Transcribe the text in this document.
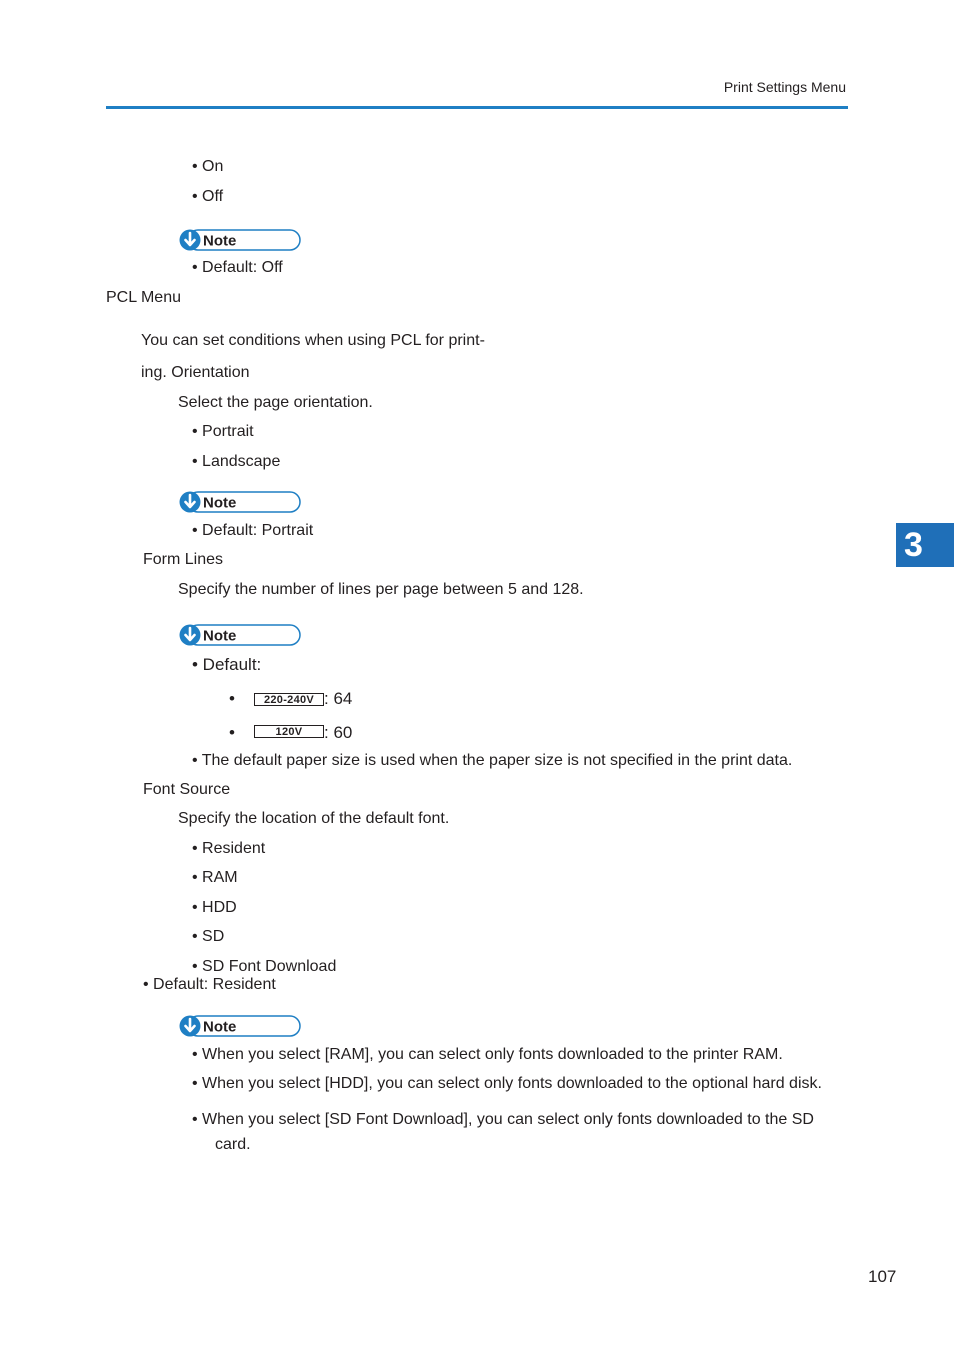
Print Settings Menu
3
• On
• Off
Note
• Default: Off
PCL Menu
You can set conditions when using PCL for print-
ing. Orientation
Select the page orientation.
• Portrait
• Landscape
Note
• Default: Portrait
Form Lines
Specify the number of lines per page between 5 and 128.
Note
• Default:
•	220-240V : 64
•	120V	: 60
• The default paper size is used when the paper size is not specified in the print data.
Font Source
Specify the location of the default font.
• Resident
• RAM
• HDD
• SD
• SD Font Download
• Default: Resident
Note
• When you select [RAM], you can select only fonts downloaded to the printer RAM.
• When you select [HDD], you can select only fonts downloaded to the optional hard disk.
• When you select [SD Font Download], you can select only fonts downloaded to the SD
card.
107
